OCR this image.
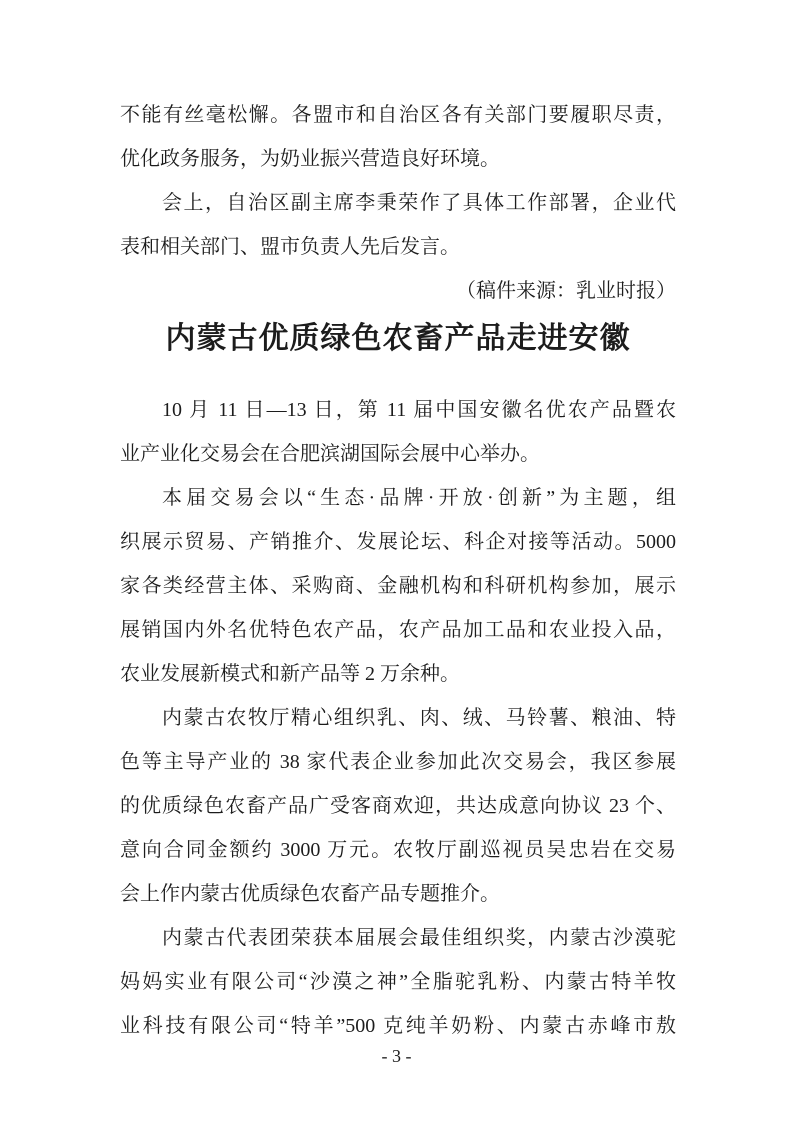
不能有丝毫松懈。各盟市和自治区各有关部门要履职尽责，
优化政务服务，为奶业振兴营造良好环境。
会上，自治区副主席李秉荣作了具体工作部署，企业代
表和相关部门、盟市负责人先后发言。
（稿件来源：乳业时报）
内蒙古优质绿色农畜产品走进安徽
10 月 11 日—13 日，第 11 届中国安徽名优农产品暨农
业产业化交易会在合肥滨湖国际会展中心举办。
本届交易会以“生态·品牌·开放·创新”为主题，组
织展示贸易、产销推介、发展论坛、科企对接等活动。5000
家各类经营主体、采购商、金融机构和科研机构参加，展示
展销国内外名优特色农产品，农产品加工品和农业投入品，
农业发展新模式和新产品等 2 万余种。
内蒙古农牧厅精心组织乳、肉、绒、马铃薯、粮油、特
色等主导产业的 38 家代表企业参加此次交易会，我区参展
的优质绿色农畜产品广受客商欢迎，共达成意向协议 23 个、
意向合同金额约 3000 万元。农牧厅副巡视员吴忠岩在交易
会上作内蒙古优质绿色农畜产品专题推介。
内蒙古代表团荣获本届展会最佳组织奖，内蒙古沙漠驼
妈妈实业有限公司“沙漠之神”全脂驼乳粉、内蒙古特羊牧
业科技有限公司“特羊”500 克纯羊奶粉、内蒙古赤峰市敖
- 3 -
